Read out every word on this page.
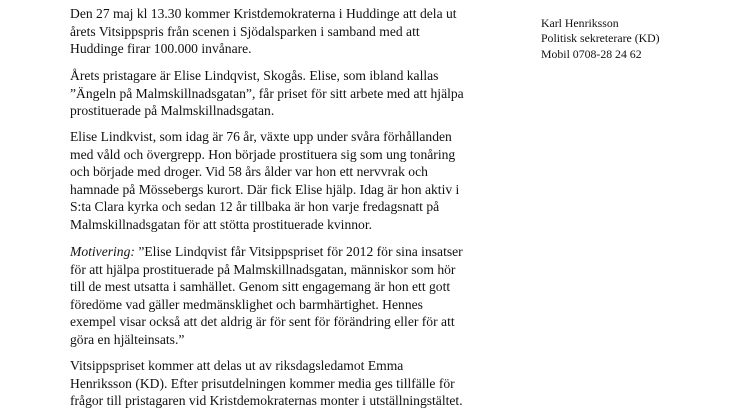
Den 27 maj kl 13.30 kommer Kristdemokraterna i Huddinge att dela ut
årets Vitsippspris från scenen i Sjödalsparken i samband med att
Huddinge firar 100.000 invånare.

Årets pristagare är Elise Lindqvist, Skogås. Elise, som ibland kallas
”Ängeln på Malmskillnadsgatan”, får priset för sitt arbete med att hjälpa
prostituerade på Malmskillnadsgatan.

Elise Lindkvist, som idag är 76 år, växte upp under svåra förhållanden
med våld och övergrepp. Hon började prostituera sig som ung tonåring
och började med droger. Vid 58 års ålder var hon ett nervvrak och
hamnade på Mössebergs kurort. Där fick Elise hjälp. Idag är hon aktiv i
S:ta Clara kyrka och sedan 12 år tillbaka är hon varje fredagsnatt på
Malmskillnadsgatan för att stötta prostituerade kvinnor.

Motivering: ”Elise Lindqvist får Vitsippspriset för 2012 för sina insatser
för att hjälpa prostituerade på Malmskillnadsgatan, människor som hör
till de mest utsatta i samhället. Genom sitt engagemang är hon ett gott
föredöme vad gäller medmänsklighet och barmhärtighet. Hennes
exempel visar också att det aldrig är för sent för förändring eller för att
göra en hjälteinsats.”

Vitsippspriset kommer att delas ut av riksdagsledamot Emma
Henriksson (KD). Efter prisutdelningen kommer media ges tillfälle för
frågor till pristagaren vid Kristdemokraternas monter i utställningstältet.

Karl Henriksson
Politisk sekreterare (KD)
Mobil 0708-28 24 62
